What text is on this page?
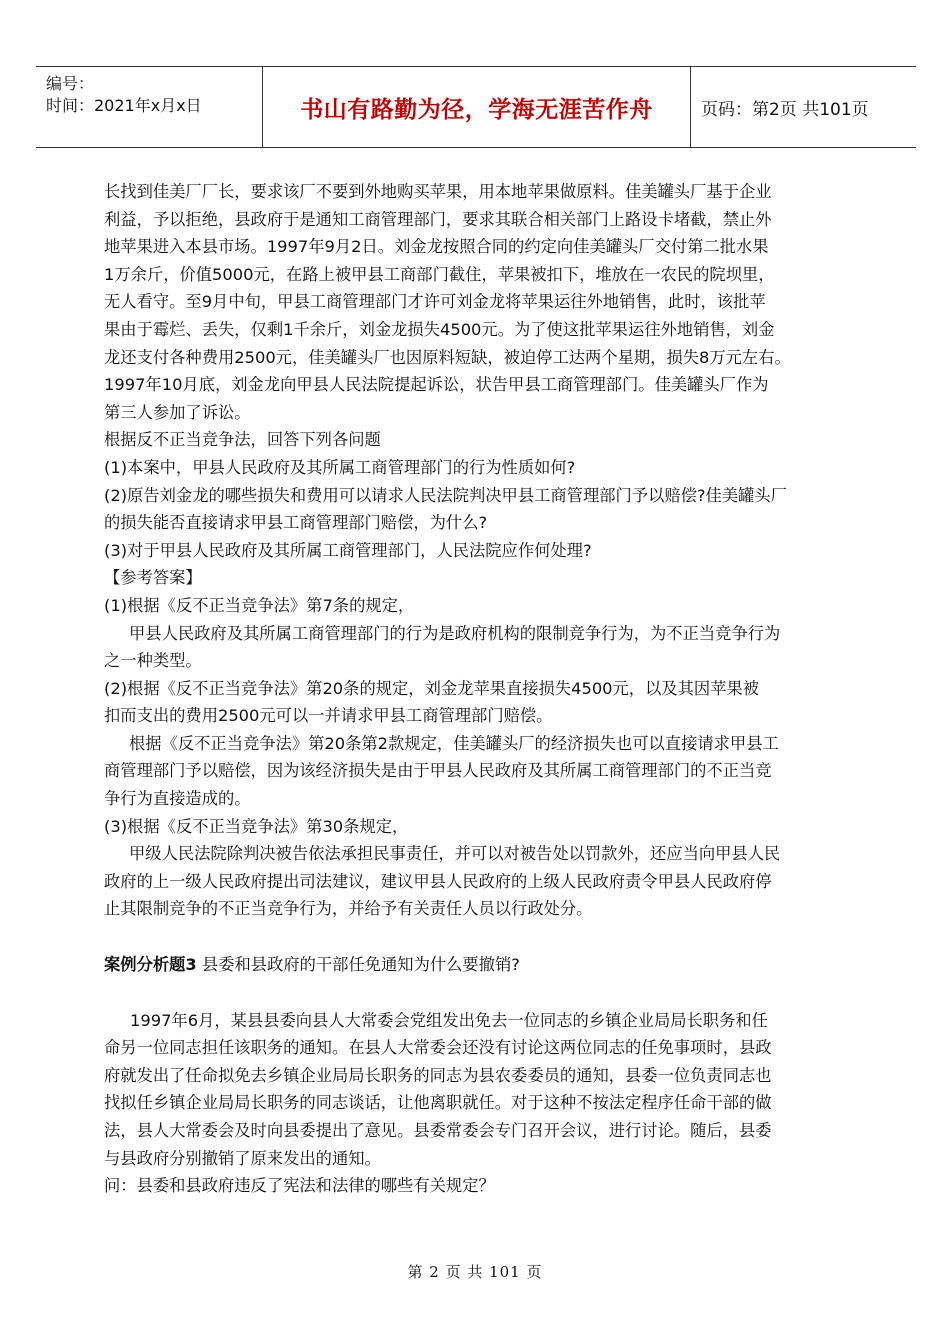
编号：
时间：2021年x月x日	书山有路勤为径，学海无涯苦作舟	页码：第2页 共101页

长找到佳美厂厂长，要求该厂不要到外地购买苹果，用本地苹果做原料。佳美罐头厂基于企业

利益，予以拒绝，县政府于是通知工商管理部门，要求其联合相关部门上路设卡堵截，禁止外

地苹果进入本县市场。1997年9月2日。刘金龙按照合同的约定向佳美罐头厂交付第二批水果

1万余斤，价值5000元，在路上被甲县工商部门截住，苹果被扣下，堆放在一农民的院坝里，

无人看守。至9月中旬，甲县工商管理部门才许可刘金龙将苹果运往外地销售，此时，该批苹

果由于霉烂、丢失，仅剩1千余斤，刘金龙损失4500元。为了使这批苹果运往外地销售，刘金

龙还支付各种费用2500元，佳美罐头厂也因原料短缺，被迫停工达两个星期，损失8万元左右。

1997年10月底，刘金龙向甲县人民法院提起诉讼，状告甲县工商管理部门。佳美罐头厂作为

第三人参加了诉讼。

根据反不正当竞争法，回答下列各问题

(1)本案中，甲县人民政府及其所属工商管理部门的行为性质如何?

(2)原告刘金龙的哪些损失和费用可以请求人民法院判决甲县工商管理部门予以赔偿?佳美罐头厂

的损失能否直接请求甲县工商管理部门赔偿，为什么?

(3)对于甲县人民政府及其所属工商管理部门，人民法院应作何处理?

【参考答案】

(1)根据《反不正当竞争法》第7条的规定，

甲县人民政府及其所属工商管理部门的行为是政府机构的限制竞争行为，为不正当竞争行为

之一种类型。

(2)根据《反不正当竞争法》第20条的规定，刘金龙苹果直接损失4500元，以及其因苹果被

扣而支出的费用2500元可以一并请求甲县工商管理部门赔偿。

根据《反不正当竞争法》第20条第2款规定，佳美罐头厂的经济损失也可以直接请求甲县工

商管理部门予以赔偿，因为该经济损失是由于甲县人民政府及其所属工商管理部门的不正当竞

争行为直接造成的。

(3)根据《反不正当竞争法》第30条规定，

甲级人民法院除判决被告依法承担民事责任，并可以对被告处以罚款外，还应当向甲县人民

政府的上一级人民政府提出司法建议，建议甲县人民政府的上级人民政府责令甲县人民政府停

止其限制竞争的不正当竞争行为，并给予有关责任人员以行政处分。

案例分析题3 县委和县政府的干部任免通知为什么要撤销?

1997年6月，某县县委向县人大常委会党组发出免去一位同志的乡镇企业局局长职务和任

命另一位同志担任该职务的通知。在县人大常委会还没有讨论这两位同志的任免事项时，县政

府就发出了任命拟免去乡镇企业局局长职务的同志为县农委委员的通知，县委一位负责同志也

找拟任乡镇企业局局长职务的同志谈话，让他离职就任。对于这种不按法定程序任命干部的做

法，县人大常委会及时向县委提出了意见。县委常委会专门召开会议，进行讨论。随后，县委

与县政府分别撤销了原来发出的通知。

问：县委和县政府违反了宪法和法律的哪些有关规定？

第 2 页 共 101 页
